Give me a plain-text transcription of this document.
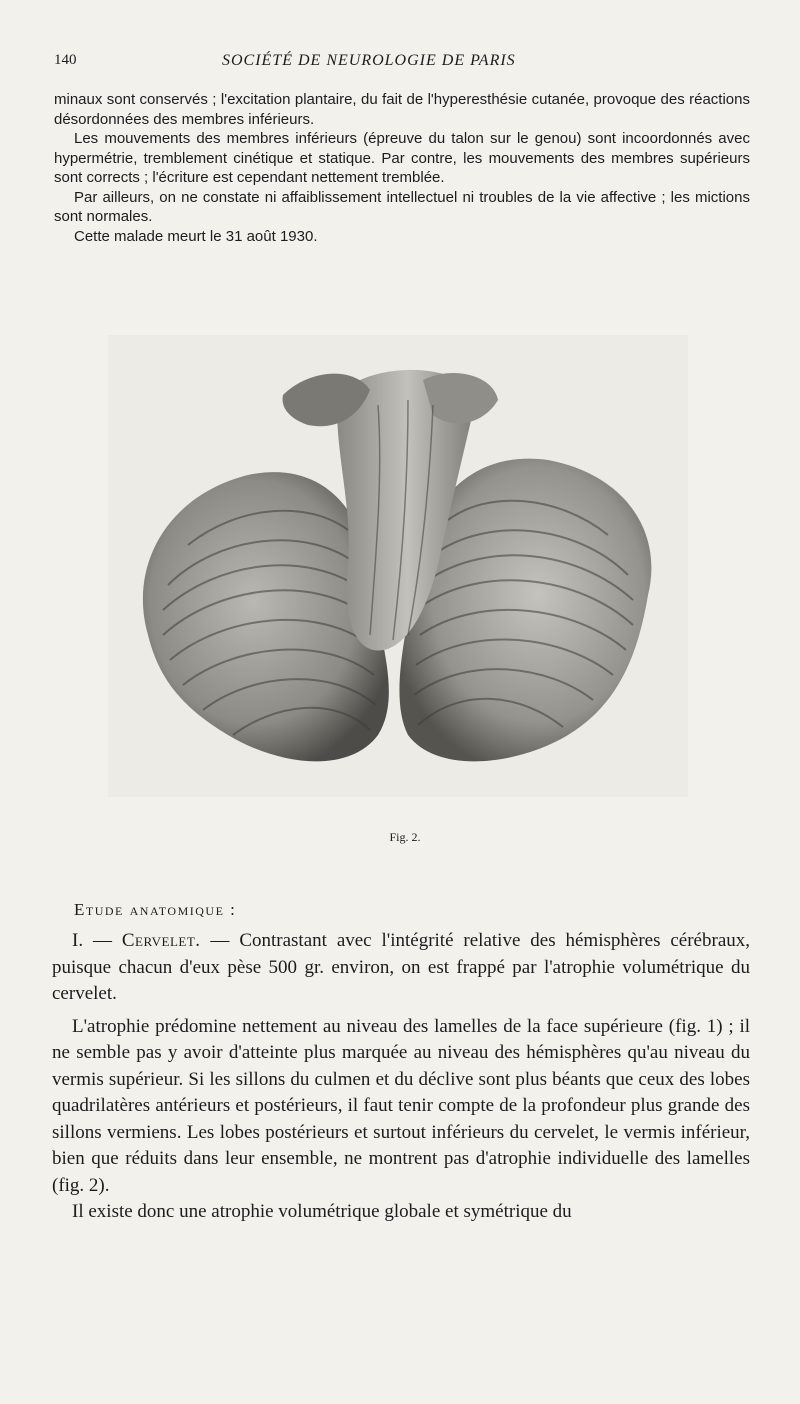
140	SOCIÉTÉ DE NEUROLOGIE DE PARIS

minaux sont conservés ; l'excitation plantaire, du fait de l'hyperesthésie cutanée, provoque des réactions désordonnées des membres inférieurs.

Les mouvements des membres inférieurs (épreuve du talon sur le genou) sont incoordonnés avec hypermétrie, tremblement cinétique et statique. Par contre, les mouvements des membres supérieurs sont corrects ; l'écriture est cependant nettement tremblée.

Par ailleurs, on ne constate ni affaiblissement intellectuel ni troubles de la vie affective ; les mictions sont normales.

Cette malade meurt le 31 août 1930.

Fig. 2.
Etude anatomique :

I. — Cervelet. — Contrastant avec l'intégrité relative des hémisphères cérébraux, puisque chacun d'eux pèse 500 gr. environ, on est frappé par l'atrophie volumétrique du cervelet.

L'atrophie prédomine nettement au niveau des lamelles de la face supérieure (fig. 1) ; il ne semble pas y avoir d'atteinte plus marquée au niveau des hémisphères qu'au niveau du vermis supérieur. Si les sillons du culmen et du déclive sont plus béants que ceux des lobes quadrilatères antérieurs et postérieurs, il faut tenir compte de la profondeur plus grande des sillons vermiens. Les lobes postérieurs et surtout inférieurs du cervelet, le vermis inférieur, bien que réduits dans leur ensemble, ne montrent pas d'atrophie individuelle des lamelles (fig. 2).

Il existe donc une atrophie volumétrique globale et symétrique du
